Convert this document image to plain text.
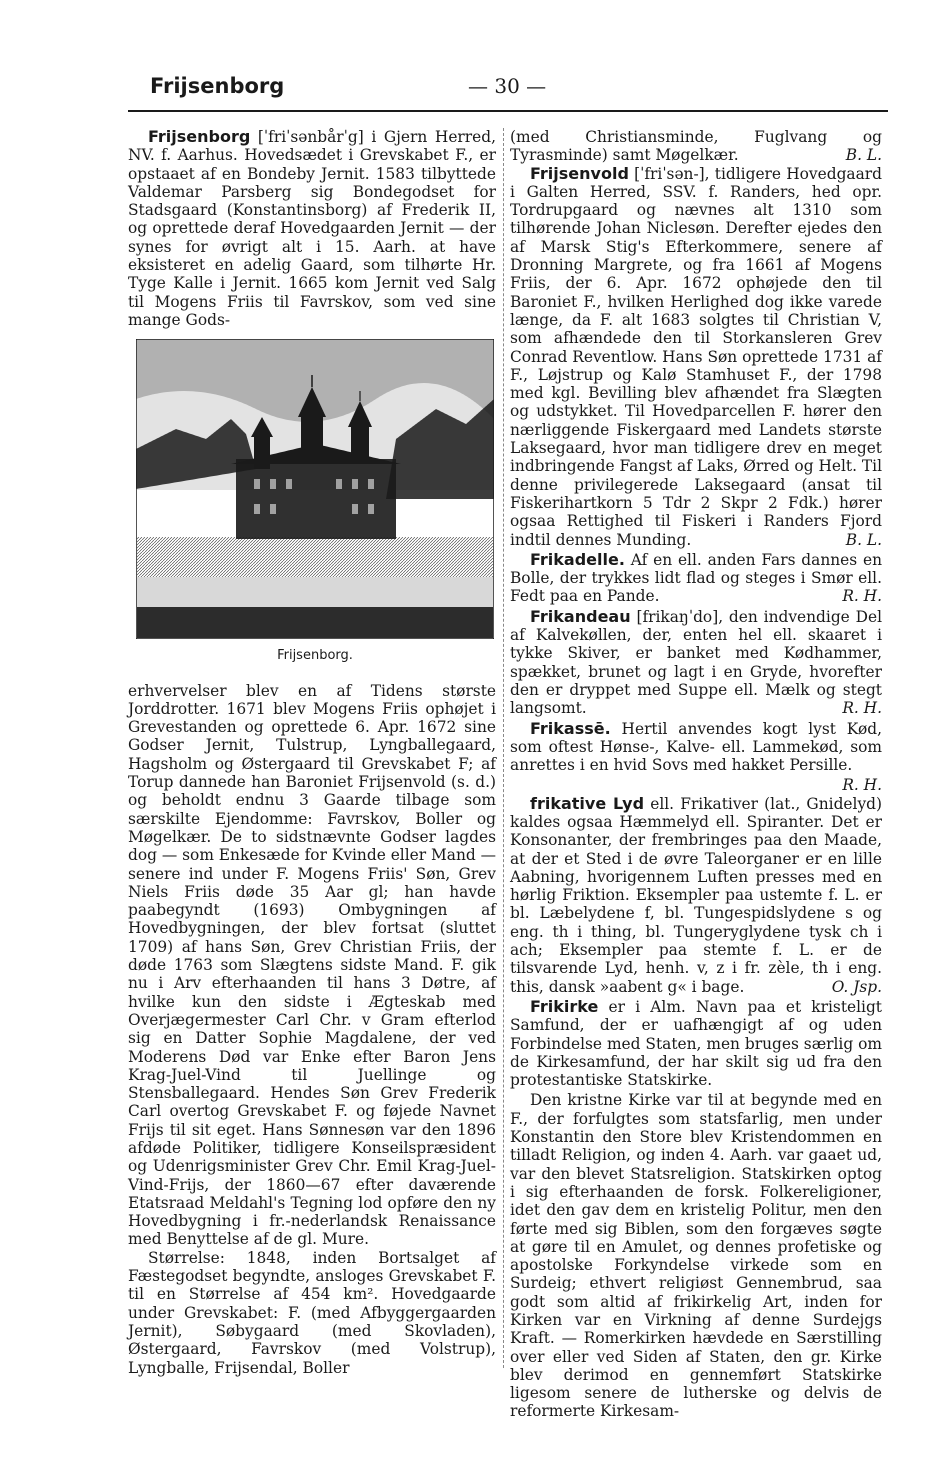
Frijsenborg	— 30 —

Frijsenborg [ˈfriˈsənbårˈg] i Gjern Herred, NV. f. Aarhus. Hovedsædet i Grevskabet F., er opstaaet af en Bondeby Jernit. 1583 tilbyttede Valdemar Parsberg sig Bondegodset for Stadsgaard (Konstantinsborg) af Frederik II, og oprettede deraf Hovedgaarden Jernit — der synes for øvrigt alt i 15. Aarh. at have eksisteret en adelig Gaard, som tilhørte Hr. Tyge Kalle i Jernit. 1665 kom Jernit ved Salg til Mogens Friis til Favrskov, som ved sine mange Gods-

Frijsenborg.

erhvervelser blev en af Tidens største Jorddrotter. 1671 blev Mogens Friis ophøjet i Grevestanden og oprettede 6. Apr. 1672 sine Godser Jernit, Tulstrup, Lyngballegaard, Hagsholm og Østergaard til Grevskabet F; af Torup dannede han Baroniet Frijsenvold (s. d.) og beholdt endnu 3 Gaarde tilbage som særskilte Ejendomme: Favrskov, Boller og Møgelkær. De to sidstnævnte Godser lagdes dog — som Enkesæde for Kvinde eller Mand — senere ind under F. Mogens Friis' Søn, Grev Niels Friis døde 35 Aar gl; han havde paabegyndt (1693) Ombygningen af Hovedbygningen, der blev fortsat (sluttet 1709) af hans Søn, Grev Christian Friis, der døde 1763 som Slægtens sidste Mand. F. gik nu i Arv efterhaanden til hans 3 Døtre, af hvilke kun den sidste i Ægteskab med Overjægermester Carl Chr. v Gram efterlod sig en Datter Sophie Magdalene, der ved Moderens Død var Enke efter Baron Jens Krag-Juel-Vind til Juellinge og Stensballegaard. Hendes Søn Grev Frederik Carl overtog Grevskabet F. og føjede Navnet Frijs til sit eget. Hans Sønnesøn var den 1896 afdøde Politiker, tidligere Konseilspræsident og Udenrigsminister Grev Chr. Emil Krag-Juel-Vind-Frijs, der 1860—67 efter daværende Etatsraad Meldahl's Tegning lod opføre den ny Hovedbygning i fr.-nederlandsk Renaissance med Benyttelse af de gl. Mure.

Størrelse: 1848, inden Bortsalget af Fæstegodset begyndte, ansloges Grevskabet F. til en Størrelse af 454 km². Hovedgaarde under Grevskabet: F. (med Afbyggergaarden Jernit), Søbygaard (med Skovladen), Østergaard, Favrskov (med Volstrup), Lyngballe, Frijsendal, Boller

(med Christiansminde, Fuglvang og Tyrasminde) samt Møgelkær.	B. L.

Frijsenvold [ˈfriˈsən-], tidligere Hovedgaard i Galten Herred, SSV. f. Randers, hed opr. Tordrupgaard og nævnes alt 1310 som tilhørende Johan Niclesøn. Derefter ejedes den af Marsk Stig's Efterkommere, senere af Dronning Margrete, og fra 1661 af Mogens Friis, der 6. Apr. 1672 ophøjede den til Baroniet F., hvilken Herlighed dog ikke varede længe, da F. alt 1683 solgtes til Christian V, som afhændede den til Storkansleren Grev Conrad Reventlow. Hans Søn oprettede 1731 af F., Løjstrup og Kalø Stamhuset F., der 1798 med kgl. Bevilling blev afhændet fra Slægten og udstykket. Til Hovedparcellen F. hører den nærliggende Fiskergaard med Landets største Laksegaard, hvor man tidligere drev en meget indbringende Fangst af Laks, Ørred og Helt. Til denne privilegerede Laksegaard (ansat til Fiskerihartkorn 5 Tdr 2 Skpr 2 Fdk.) hører ogsaa Rettighed til Fiskeri i Randers Fjord indtil dennes Munding.	B. L.

Frikadelle. Af en ell. anden Fars dannes en Bolle, der trykkes lidt flad og steges i Smør ell. Fedt paa en Pande.	R. H.

Frikandeau [frikaŋˈdo], den indvendige Del af Kalvekøllen, der, enten hel ell. skaaret i tykke Skiver, er banket med Kødhammer, spækket, brunet og lagt i en Gryde, hvorefter den er dryppet med Suppe ell. Mælk og stegt langsomt.	R. H.

Frikassē. Hertil anvendes kogt lyst Kød, som oftest Hønse-, Kalve- ell. Lammekød, som anrettes i en hvid Sovs med hakket Persille.

R. H.

frikative Lyd ell. Frikativer (lat., Gnidelyd) kaldes ogsaa Hæmmelyd ell. Spiranter. Det er Konsonanter, der frembringes paa den Maade, at der et Sted i de øvre Taleorganer er en lille Aabning, hvorigennem Luften presses med en hørlig Friktion. Eksempler paa ustemte f. L. er bl. Læbelydene f, bl. Tungespidslydene s og eng. th i thing, bl. Tungeryglydene tysk ch i ach; Eksempler paa stemte f. L. er de tilsvarende Lyd, henh. v, z i fr. zèle, th i eng. this, dansk »aabent g« i bage.	O. Jsp.

Frikirke er i Alm. Navn paa et kristeligt Samfund, der er uafhængigt af og uden Forbindelse med Staten, men bruges særlig om de Kirkesamfund, der har skilt sig ud fra den protestantiske Statskirke.

Den kristne Kirke var til at begynde med en F., der forfulgtes som statsfarlig, men under Konstantin den Store blev Kristendommen en tilladt Religion, og inden 4. Aarh. var gaaet ud, var den blevet Statsreligion. Statskirken optog i sig efterhaanden de forsk. Folkereligioner, idet den gav dem en kristelig Politur, men den førte med sig Biblen, som den forgæves søgte at gøre til en Amulet, og dennes profetiske og apostolske Forkyndelse virkede som en Surdeig; ethvert religiøst Gennembrud, saa godt som altid af frikirkelig Art, inden for Kirken var en Virkning af denne Surdejgs Kraft. — Romerkirken hævdede en Særstilling over eller ved Siden af Staten, den gr. Kirke blev derimod en gennemført Statskirke ligesom senere de lutherske og delvis de reformerte Kirkesam-
